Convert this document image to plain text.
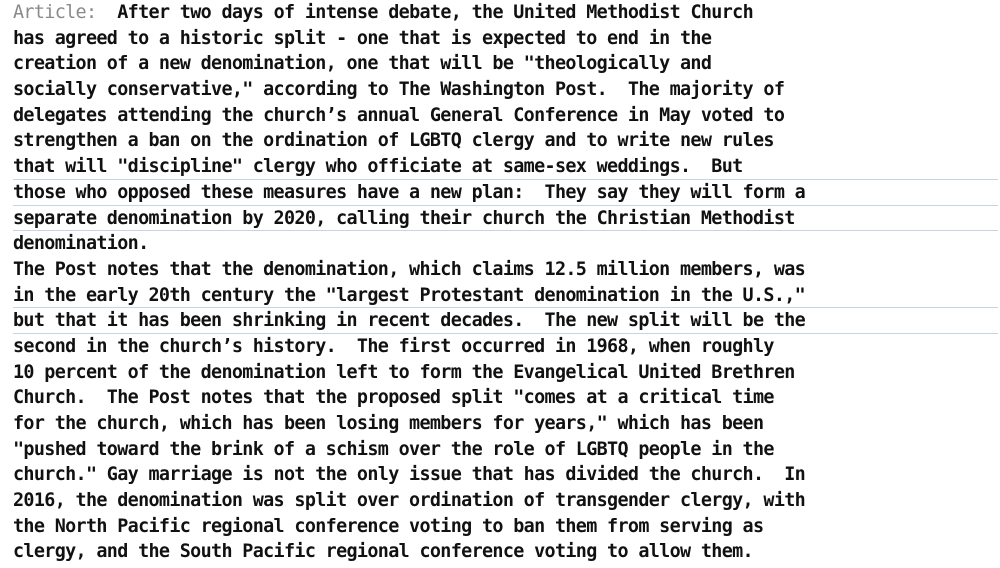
Article: After two days of intense debate, the United Methodist Church
has agreed to a historic split - one that is expected to end in the
creation of a new denomination, one that will be "theologically and
socially conservative," according to The Washington Post.  The majority of
delegates attending the church’s annual General Conference in May voted to
strengthen a ban on the ordination of LGBTQ clergy and to write new rules
that will "discipline" clergy who officiate at same-sex weddings.  But
those who opposed these measures have a new plan:  They say they will form a
separate denomination by 2020, calling their church the Christian Methodist
denomination.
The Post notes that the denomination, which claims 12.5 million members, was
in the early 20th century the "largest Protestant denomination in the U.S.,"
but that it has been shrinking in recent decades.  The new split will be the
second in the church’s history.  The first occurred in 1968, when roughly
10 percent of the denomination left to form the Evangelical United Brethren
Church.  The Post notes that the proposed split "comes at a critical time
for the church, which has been losing members for years," which has been
"pushed toward the brink of a schism over the role of LGBTQ people in the
church." Gay marriage is not the only issue that has divided the church.  In
2016, the denomination was split over ordination of transgender clergy, with
the North Pacific regional conference voting to ban them from serving as
clergy, and the South Pacific regional conference voting to allow them.
